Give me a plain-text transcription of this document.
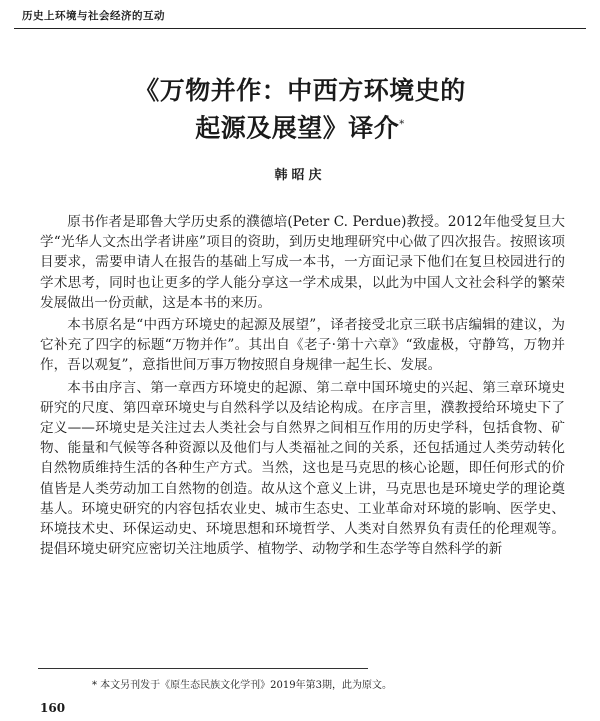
历史上环境与社会经济的互动
《万物并作：中西方环境史的
起源及展望》译介*
韩昭庆

原书作者是耶鲁大学历史系的濮德培(Peter C. Perdue)教授。2012年他受复旦大学“光华人文杰出学者讲座”项目的资助，到历史地理研究中心做了四次报告。按照该项目要求，需要申请人在报告的基础上写成一本书，一方面记录下他们在复旦校园进行的学术思考，同时也让更多的学人能分享这一学术成果，以此为中国人文社会科学的繁荣发展做出一份贡献，这是本书的来历。

本书原名是“中西方环境史的起源及展望”，译者接受北京三联书店编辑的建议，为它补充了四字的标题“万物并作”。其出自《老子·第十六章》“致虚极，守静笃，万物并作，吾以观复”，意指世间万事万物按照自身规律一起生长、发展。

本书由序言、第一章西方环境史的起源、第二章中国环境史的兴起、第三章环境史研究的尺度、第四章环境史与自然科学以及结论构成。在序言里，濮教授给环境史下了定义——环境史是关注过去人类社会与自然界之间相互作用的历史学科，包括食物、矿物、能量和气候等各种资源以及他们与人类福祉之间的关系，还包括通过人类劳动转化自然物质维持生活的各种生产方式。当然，这也是马克思的核心论题，即任何形式的价值皆是人类劳动加工自然物的创造。故从这个意义上讲，马克思也是环境史学的理论奠基人。环境史研究的内容包括农业史、城市生态史、工业革命对环境的影响、医学史、环境技术史、环保运动史、环境思想和环境哲学、人类对自然界负有责任的伦理观等。提倡环境史研究应密切关注地质学、植物学、动物学和生态学等自然科学的新

* 本文另刊发于《原生态民族文化学刊》2019年第3期，此为原文。
160
